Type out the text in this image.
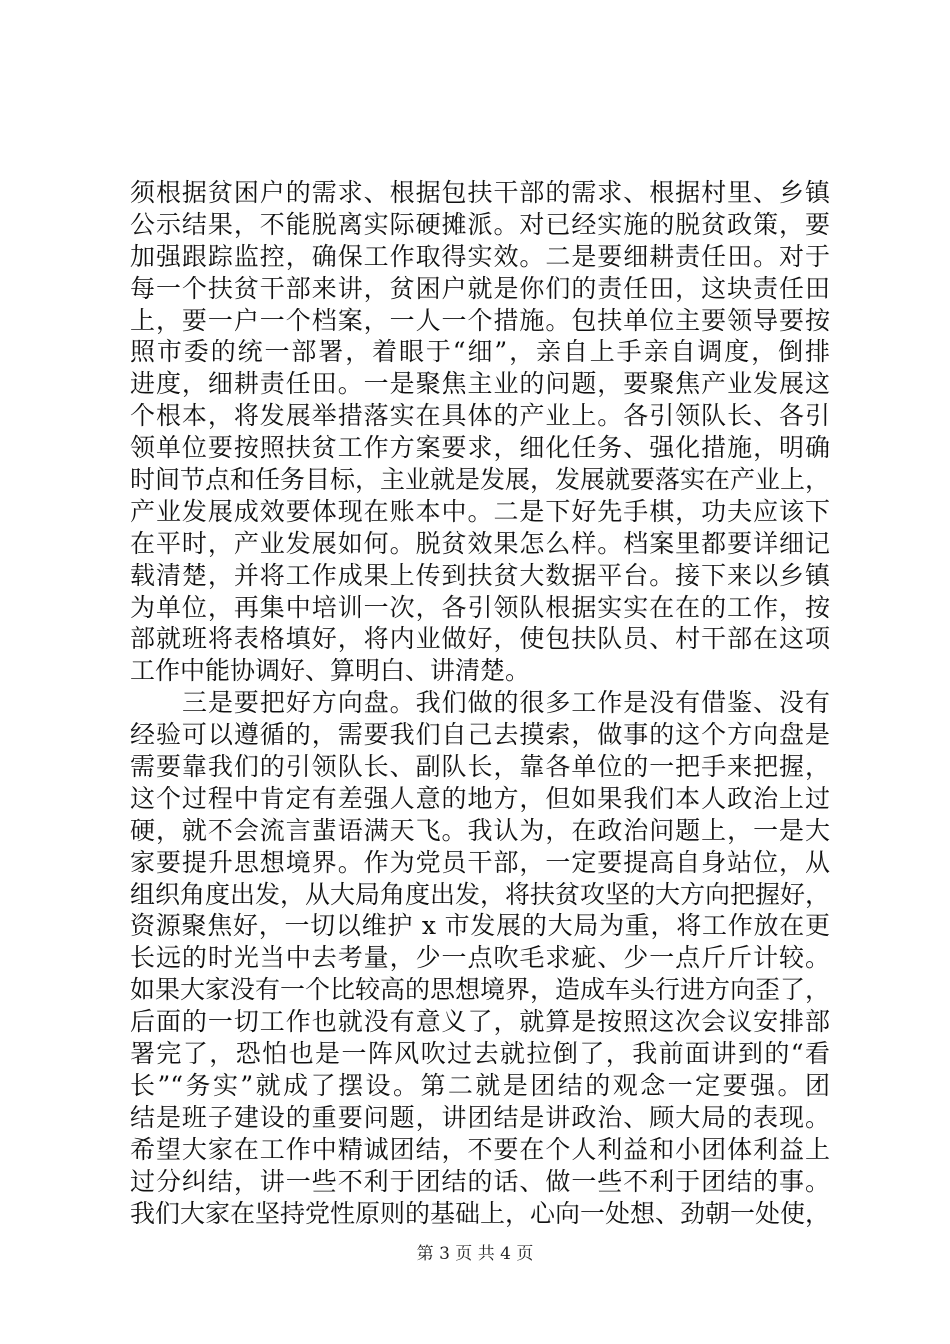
须根据贫困户的需求、根据包扶干部的需求、根据村里、乡镇
公示结果，不能脱离实际硬摊派。对已经实施的脱贫政策，要
加强跟踪监控，确保工作取得实效。二是要细耕责任田。对于
每一个扶贫干部来讲，贫困户就是你们的责任田，这块责任田
上，要一户一个档案，一人一个措施。包扶单位主要领导要按
照市委的统一部署，着眼于“细”，亲自上手亲自调度，倒排
进度，细耕责任田。一是聚焦主业的问题，要聚焦产业发展这
个根本，将发展举措落实在具体的产业上。各引领队长、各引
领单位要按照扶贫工作方案要求，细化任务、强化措施，明确
时间节点和任务目标，主业就是发展，发展就要落实在产业上，
产业发展成效要体现在账本中。二是下好先手棋，功夫应该下
在平时，产业发展如何。脱贫效果怎么样。档案里都要详细记
载清楚，并将工作成果上传到扶贫大数据平台。接下来以乡镇
为单位，再集中培训一次，各引领队根据实实在在的工作，按
部就班将表格填好，将内业做好，使包扶队员、村干部在这项
工作中能协调好、算明白、讲清楚。
三是要把好方向盘。我们做的很多工作是没有借鉴、没有
经验可以遵循的，需要我们自己去摸索，做事的这个方向盘是
需要靠我们的引领队长、副队长，靠各单位的一把手来把握，
这个过程中肯定有差强人意的地方，但如果我们本人政治上过
硬，就不会流言蜚语满天飞。我认为，在政治问题上，一是大
家要提升思想境界。作为党员干部，一定要提高自身站位，从
组织角度出发，从大局角度出发，将扶贫攻坚的大方向把握好，
资源聚焦好，一切以维护 x 市发展的大局为重，将工作放在更
长远的时光当中去考量，少一点吹毛求疵、少一点斤斤计较。
如果大家没有一个比较高的思想境界，造成车头行进方向歪了，
后面的一切工作也就没有意义了，就算是按照这次会议安排部
署完了，恐怕也是一阵风吹过去就拉倒了，我前面讲到的“看
长”“务实”就成了摆设。第二就是团结的观念一定要强。团
结是班子建设的重要问题，讲团结是讲政治、顾大局的表现。
希望大家在工作中精诚团结，不要在个人利益和小团体利益上
过分纠结，讲一些不利于团结的话、做一些不利于团结的事。
我们大家在坚持党性原则的基础上，心向一处想、劲朝一处使，
第 3 页 共 4 页
